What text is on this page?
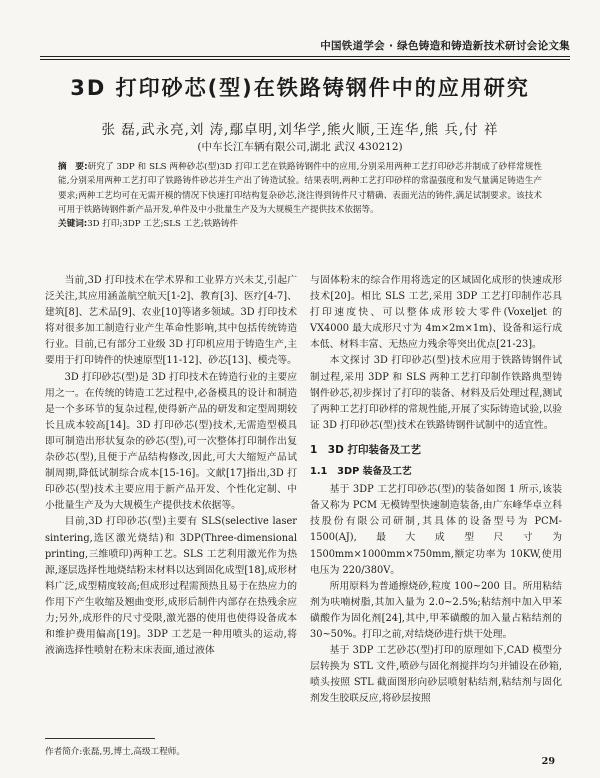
中国铁道学会 · 绿色铸造和铸造新技术研讨会论文集
3D 打印砂芯(型)在铁路铸钢件中的应用研究
张 磊,武永亮,刘 涛,鄢卓明,刘华学,熊火顺,王连华,熊 兵,付 祥
(中车长江车辆有限公司,湖北 武汉 430212)
摘　要:研究了 3DP 和 SLS 两种砂芯(型)3D 打印工艺在铁路铸钢件中的应用,分别采用两种工艺打印砂芯并制成了砂样常规性能,分别采用两种工艺打印了铁路铸件砂芯并生产出了铸造试验。结果表明,两种工艺打印砂样的常温强度和发气量满足铸造生产要求;两种工艺均可在无需开模的情况下快速打印结构复杂砂芯,浇注得到铸件尺寸精确、表面光洁的铸件,满足试制要求。该技术可用于铁路铸钢件新产品开发,单件及中小批量生产及为大规模生产提供技术依据等。
关键词:3D 打印;3DP 工艺;SLS 工艺;铁路铸件

当前,3D 打印技术在学术界和工业界方兴未艾,引起广泛关注,其应用涵盖航空航天[1-2]、教育[3]、医疗[4-7]、建筑[8]、艺术品[9]、农业[10]等诸多领域。3D 打印技术将对很多加工制造行业产生革命性影响,其中包括传统铸造行业。目前,已有部分工业级 3D 打印机应用于铸造生产,主要用于打印铸件的快速原型[11-12]、砂芯[13]、模壳等。

3D 打印砂芯(型)是 3D 打印技术在铸造行业的主要应用之一。在传统的铸造工艺过程中,必备模具的设计和制造是一个多环节的复杂过程,使得新产品的研发和定型周期较长且成本较高[14]。3D 打印砂芯(型)技术,无需造型模具即可制造出形状复杂的砂芯(型),可一次整体打印制作出复杂砂芯(型),且便于产品结构修改,因此,可大大缩短产品试制周期,降低试制综合成本[15-16]。文献[17]指出,3D 打印砂芯(型)技术主要应用于新产品开发、个性化定制、中小批量生产及为大规模生产提供技术依据等。

目前,3D 打印砂芯(型)主要有 SLS(selective laser sintering,选区激光烧结)和 3DP(Three-dimensional printing,三维喷印)两种工艺。SLS 工艺利用激光作为热源,逐层选择性地烧结粉末材料以达到固化成型[18],成形材料广泛,成型精度较高;但成形过程需预热且易于在热应力的作用下产生收缩及翘曲变形,成形后制件内部存在热残余应力;另外,成形件的尺寸受限,激光器的使用也使得设备成本和维护费用偏高[19]。3DP 工艺是一种用喷头的运动,将液滴选择性喷射在粉末床表面,通过液体

与固体粉末的综合作用将选定的区域固化成形的快速成形技术[20]。相比 SLS 工艺,采用 3DP 工艺打印制作芯具打印速度快、可以整体成形较大零件(Voxeljet 的 VX4000 最大成形尺寸为 4m×2m×1m)、设备和运行成本低、材料丰富、无热应力残余等突出优点[21-23]。

本文探讨 3D 打印砂芯(型)技术应用于铁路铸钢件试制过程,采用 3DP 和 SLS 两种工艺打印制作铁路典型铸钢件砂芯,初步探讨了打印的装备、材料及后处理过程,测试了两种工艺打印砂样的常规性能,开展了实际铸造试验,以验证 3D 打印砂芯(型)技术在铁路铸钢件试制中的适宜性。

1　3D 打印装备及工艺
1.1　3DP 装备及工艺

基于 3DP 工艺打印砂芯(型)的装备如图 1 所示,该装备又称为 PCM 无模铸型快速制造装备,由广东峰华卓立科技股份有限公司研制,其具体的设备型号为 PCM-1500(AJ),最大成型尺寸为 1500mm×1000mm×750mm,额定功率为 10KW,使用电压为 220/380V。

所用原料为普通擦烧砂,粒度 100~200 目。所用粘结剂为呋喃树脂,其加入量为 2.0~2.5%;粘结剂中加入甲苯磺酸作为固化剂[24],其中,甲苯磺酸的加入量占粘结剂的 30~50%。打印之前,对结烧砂进行烘干处理。

基于 3DP 工艺砂芯(型)打印的原理如下,CAD 模型分层转换为 STL 文件,喷砂与固化剂搅拌均匀并铺设在砂箱,喷头按照 STL 截面图形向砂层喷射粘结剂,粘结剂与固化剂发生胶联反应,将砂层按照

作者简介:张磊,男,博士,高级工程师。
29
